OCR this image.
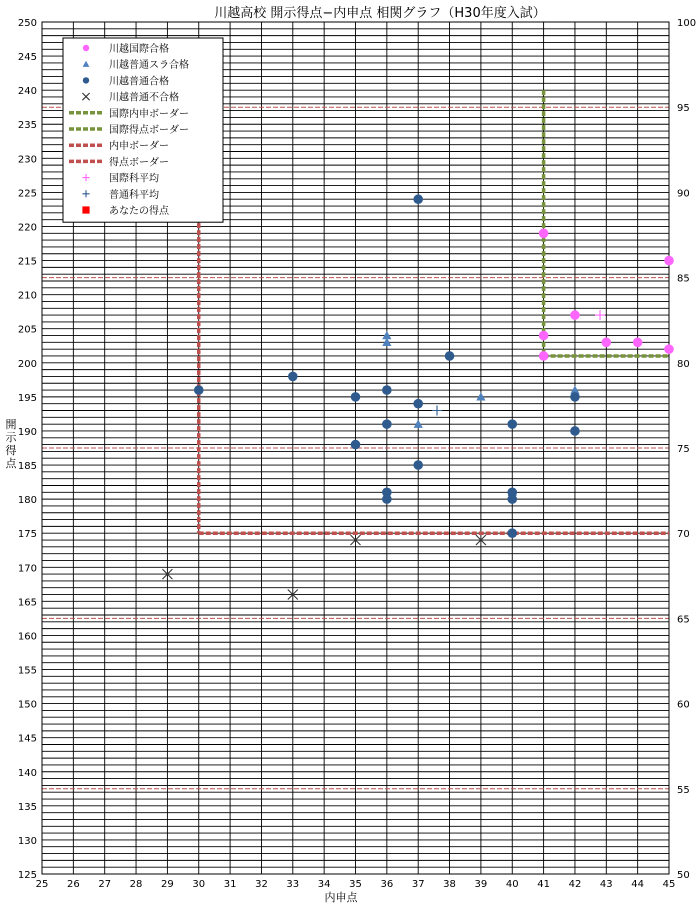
川越高校 開示得点−内申点 相関グラフ（H30年度入試）
125
130
135
140
145
150
155
160
165
170
175
180
185
190
195
200
205
210
215
220
225
230
235
240
245
250
50
55
60
65
70
75
80
85
90
95
100
25 26 27 28 29 30 31 32 33 34 35 36 37 38 39 40 41 42 43 44 45
内申点
開示得点
川越国際合格
川越普通スラ合格
川越普通合格
川越普通不合格
国際内申ボーダー
国際得点ボーダー
内申ボーダー
得点ボーダー
国際科平均
普通科平均
あなたの得点
